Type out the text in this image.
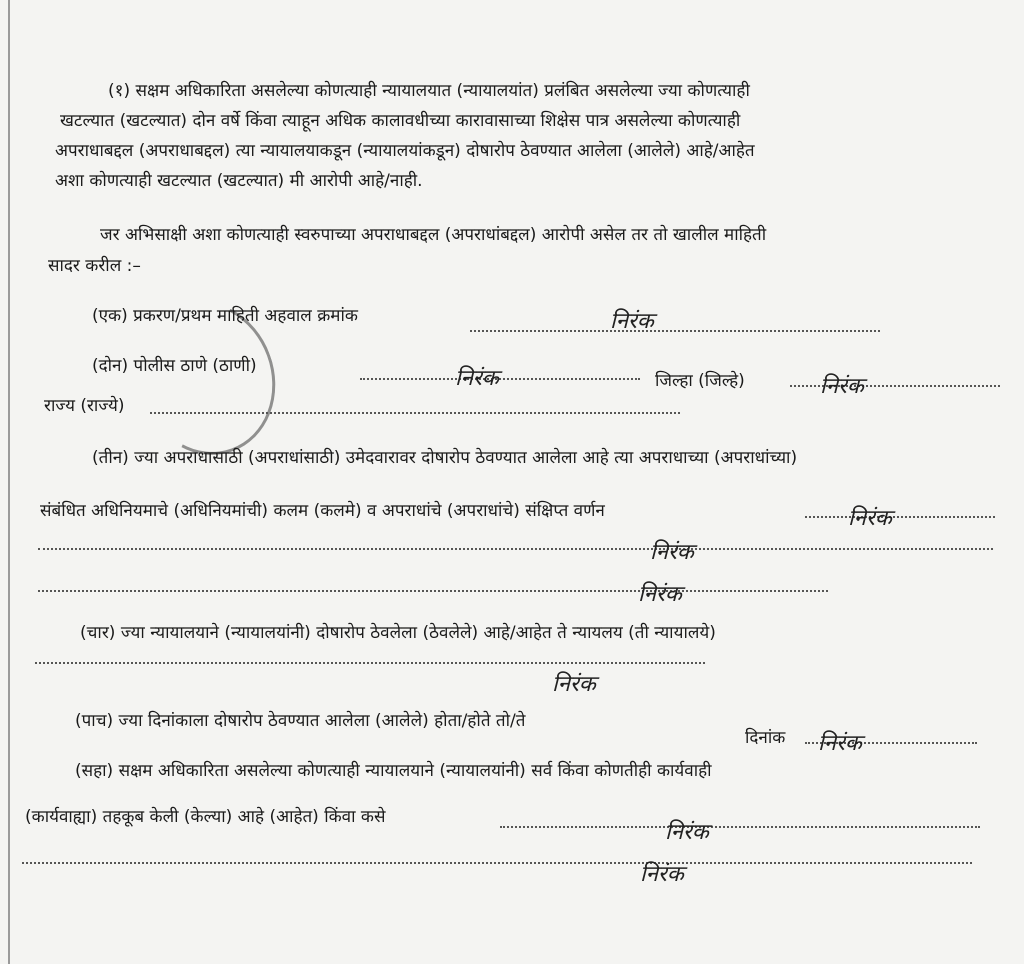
(१) सक्षम अधिकारिता असलेल्या कोणत्याही न्यायालयात (न्यायालयांत) प्रलंबित असलेल्या ज्या कोणत्याही
खटल्यात (खटल्यात) दोन वर्षे किंवा त्याहून अधिक कालावधीच्या कारावासाच्या शिक्षेस पात्र असलेल्या कोणत्याही
अपराधाबद्दल (अपराधाबद्दल) त्या न्यायालयाकडून (न्यायालयांकडून) दोषारोप ठेवण्यात आलेला (आलेले) आहे/आहेत
अशा कोणत्याही खटल्यात (खटल्यात) मी आरोपी आहे/नाही.
जर अभिसाक्षी अशा कोणत्याही स्वरुपाच्या अपराधाबद्दल (अपराधांबद्दल) आरोपी असेल तर तो खालील माहिती
सादर करील :–
(एक) प्रकरण/प्रथम माहिती अहवाल क्रमांक	निरंक
(दोन) पोलीस ठाणे (ठाणी)	निरंक	जिल्हा (जिल्हे)	निरंक
राज्य (राज्ये)
(तीन) ज्या अपराधासाठी (अपराधांसाठी) उमेदवारावर दोषारोप ठेवण्यात आलेला आहे त्या अपराधाच्या (अपराधांच्या)
संबंधित अधिनियमाचे (अधिनियमांची) कलम (कलमे) व अपराधांचे (अपराधांचे) संक्षिप्त वर्णन	निरंक
निरंक
निरंक
(चार) ज्या न्यायालयाने (न्यायालयांनी) दोषारोप ठेवलेला (ठेवलेले) आहे/आहेत ते न्यायलय (ती न्यायालये)
निरंक
(पाच) ज्या दिनांकाला दोषारोप ठेवण्यात आलेला (आलेले) होता/होते तो/ते
दिनांक निरंक
(सहा) सक्षम अधिकारिता असलेल्या कोणत्याही न्यायालयाने (न्यायालयांनी) सर्व किंवा कोणतीही कार्यवाही
(कार्यवाह्या) तहकूब केली (केल्या) आहे (आहेत) किंवा कसे
निरंक
निरंक
